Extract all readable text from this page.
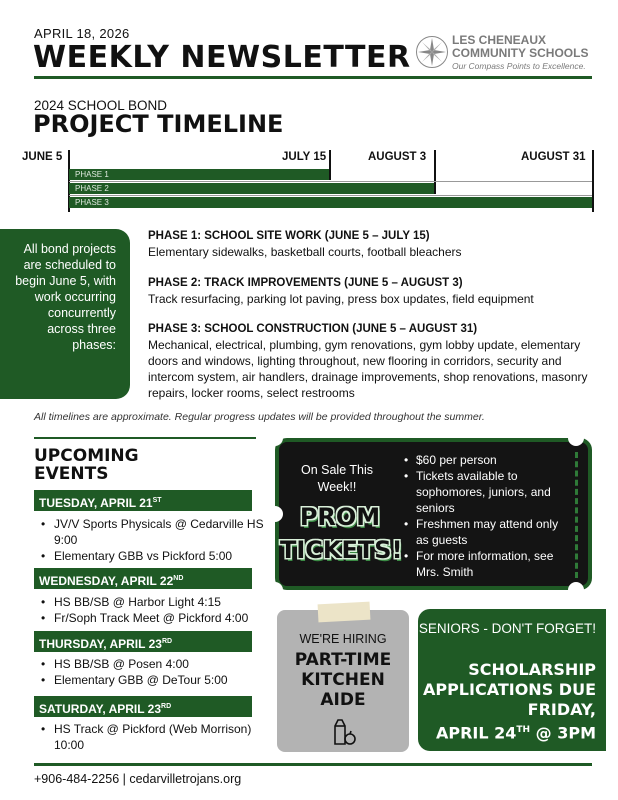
APRIL 18, 2026
WEEKLY NEWSLETTER	LES CHENEAUX
COMMUNITY SCHOOLS
Our Compass Points to Excellence.
2024 SCHOOL BOND
PROJECT TIMELINE
JUNE 5	JULY 15	AUGUST 3	AUGUST 31
PHASE 1
PHASE 2
PHASE 3
All bond projects are scheduled to begin June 5, with work occurring concurrently across three phases:
PHASE 1: SCHOOL SITE WORK (JUNE 5 – JULY 15)
Elementary sidewalks, basketball courts, football bleachers
PHASE 2: TRACK IMPROVEMENTS (JUNE 5 – AUGUST 3)
Track resurfacing, parking lot paving, press box updates, field equipment
PHASE 3: SCHOOL CONSTRUCTION (JUNE 5 – AUGUST 31)
Mechanical, electrical, plumbing, gym renovations, gym lobby update, elementary doors and windows, lighting throughout, new flooring in corridors, security and intercom system, air handlers, drainage improvements, shop renovations, masonry repairs, locker rooms, select restrooms
All timelines are approximate. Regular progress updates will be provided throughout the summer.
UPCOMING
EVENTS
TUESDAY, APRIL 21ST
• JV/V Sports Physicals @ Cedarville HS 9:00
• Elementary GBB vs Pickford 5:00
WEDNESDAY, APRIL 22ND
• HS BB/SB @ Harbor Light 4:15
• Fr/Soph Track Meet @ Pickford 4:00
THURSDAY, APRIL 23RD
• HS BB/SB @ Posen 4:00
• Elementary GBB @ DeTour 5:00
SATURDAY, APRIL 23RD
• HS Track @ Pickford (Web Morrison) 10:00
On Sale This Week!!
PROM
TICKETS!
• $60 per person
• Tickets available to sophomores, juniors, and seniors
• Freshmen may attend only as guests
• For more information, see Mrs. Smith
WE'RE HIRING
PART-TIME KITCHEN AIDE
SENIORS - DON'T FORGET!
SCHOLARSHIP APPLICATIONS DUE FRIDAY,
APRIL 24TH @ 3PM
+906-484-2256 | cedarvilletrojans.org
